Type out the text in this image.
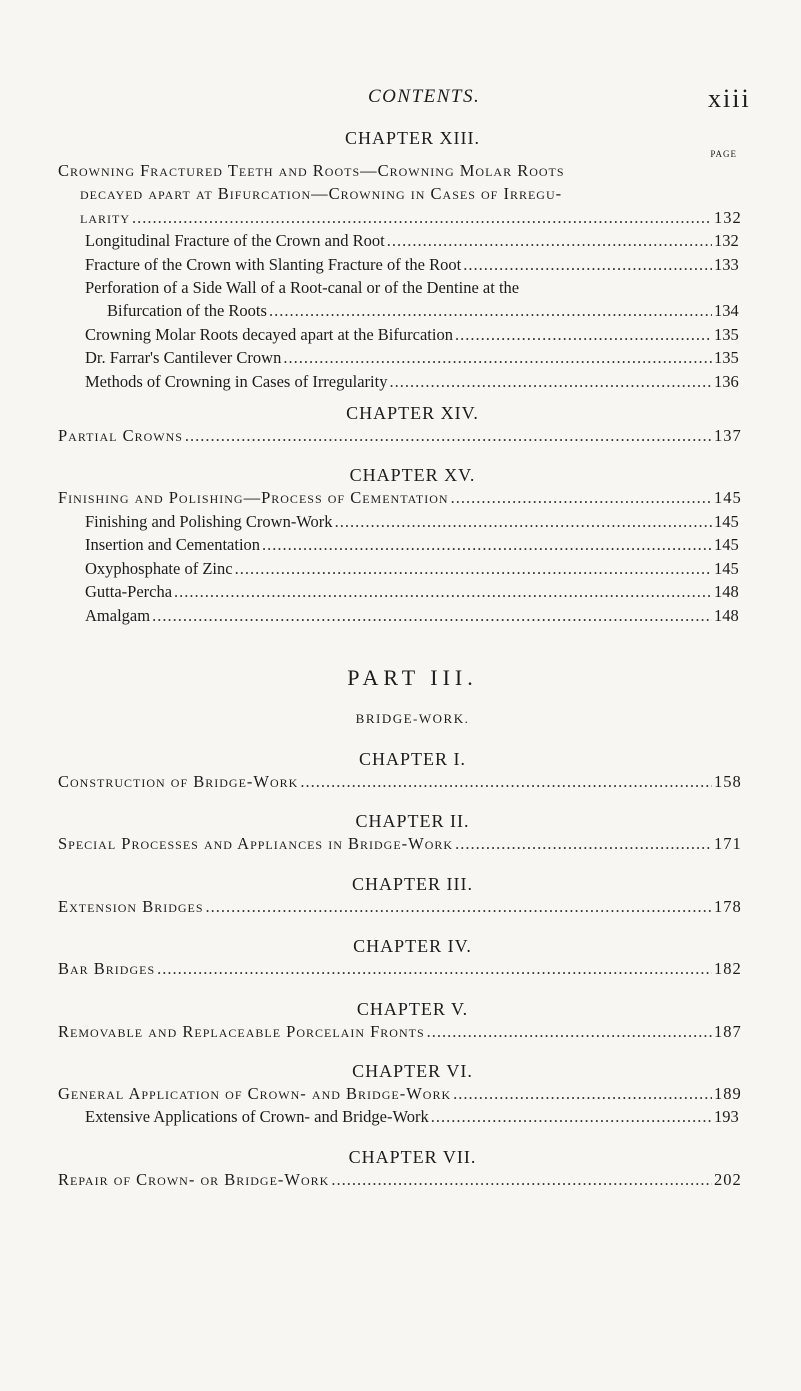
CONTENTS.	xiii
CHAPTER XIII.
PAGE
Crowning Fractured Teeth and Roots—Crowning Molar Roots
decayed apart at Bifurcation—Crowning in Cases of Irregu-
larity .....	132
Longitudinal Fracture of the Crown and Root .....	132
Fracture of the Crown with Slanting Fracture of the Root .....	133
Perforation of a Side Wall of a Root-canal or of the Dentine at the
Bifurcation of the Roots .....	134
Crowning Molar Roots decayed apart at the Bifurcation .....	135
Dr. Farrar's Cantilever Crown .....	135
Methods of Crowning in Cases of Irregularity .....	136
CHAPTER XIV.
Partial Crowns .....	137
CHAPTER XV.
Finishing and Polishing—Process of Cementation .....	145
Finishing and Polishing Crown-Work .....	145
Insertion and Cementation .....	145
Oxyphosphate of Zinc .....	145
Gutta-Percha .....	148
Amalgam .....	148
PART III.
BRIDGE-WORK.
CHAPTER I.
Construction of Bridge-Work .....	158
CHAPTER II.
Special Processes and Appliances in Bridge-Work .....	171
CHAPTER III.
Extension Bridges .....	178
CHAPTER IV.
Bar Bridges .....	182
CHAPTER V.
Removable and Replaceable Porcelain Fronts .....	187
CHAPTER VI.
General Application of Crown- and Bridge-Work .....	189
Extensive Applications of Crown- and Bridge-Work .....	193
CHAPTER VII.
Repair of Crown- or Bridge-Work .....	202
